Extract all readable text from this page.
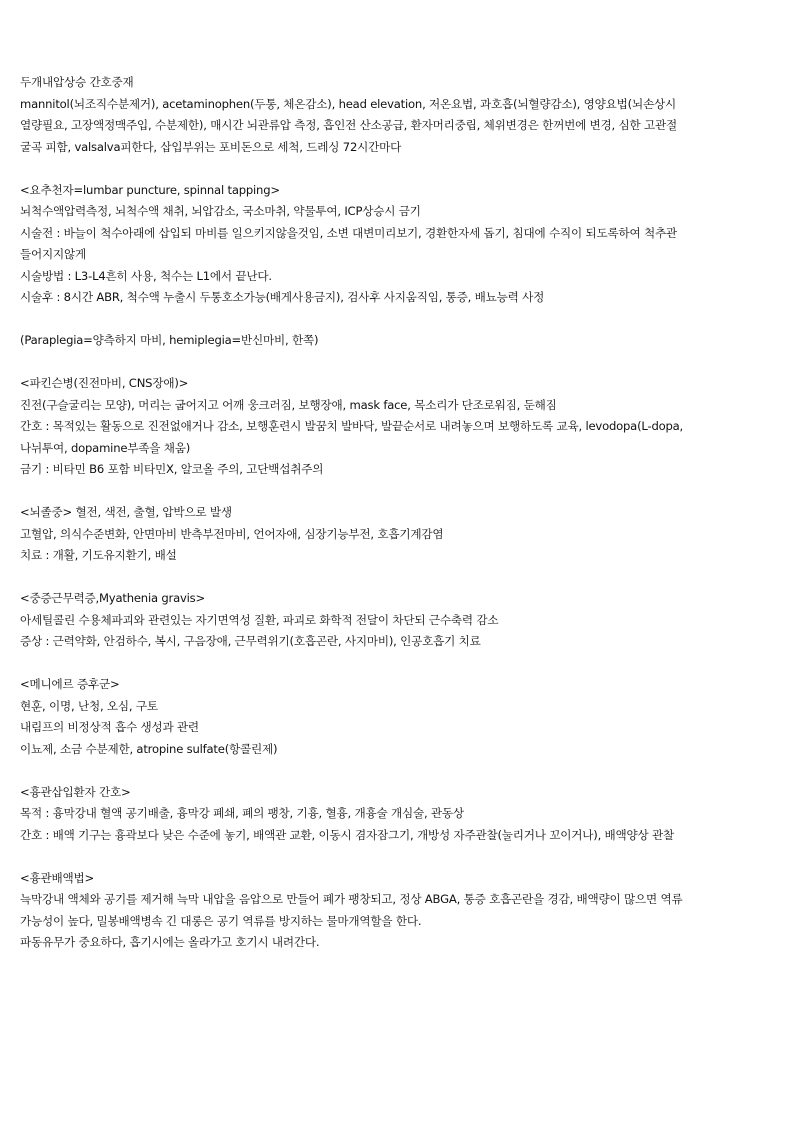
두개내압상승 간호중재
mannitol(뇌조직수분제거), acetaminophen(두통, 체온감소), head elevation, 저온요법, 과호흡(뇌혈량감소), 영양요법(뇌손상시 열량필요, 고장액정맥주입, 수분제한), 매시간 뇌관류압 측정, 흡인전 산소공급, 환자머리중립, 체위변경은 한꺼번에 변경, 심한 고관절굴곡 피함, valsalva피한다, 삽입부위는 포비돈으로 세척, 드레싱 72시간마다
<요추천자=lumbar puncture, spinnal tapping>
뇌척수액압력측정, 뇌척수액 채취, 뇌압감소, 국소마취, 약물투여, ICP상승시 금기
시술전 : 바늘이 척수아래에 삽입되 마비를 일으키지않을것임, 소변 대변미리보기, 경환한자세 돕기, 침대에 수직이 되도록하여 척추관들어지지않게
시술방법 : L3-L4흔히 사용, 척수는 L1에서 끝난다.
시술후 : 8시간 ABR, 척수액 누출시 두통호소가능(배게사용금지), 검사후 사지움직임, 통증, 배뇨능력 사정
(Paraplegia=양측하지 마비, hemiplegia=반신마비, 한쪽)
<파킨슨병(진전마비, CNS장애)>
진전(구슬굴리는 모양), 머리는 굽어지고 어깨 웅크러짐, 보행장애, mask face, 목소리가 단조로워짐, 둔해짐
간호 : 목적있는 활동으로 진전없애거나 감소, 보행훈련시 발꿈치 발바닥, 발끝순서로 내려놓으며 보행하도록 교육, levodopa(L-dopa,나뉘투여, dopamine부족을 채움)
금기 : 비타민 B6 포함 비타민X, 알코올 주의, 고단백섭취주의
<뇌졸중> 혈전, 색전, 출혈, 압박으로 발생
고혈압, 의식수준변화, 안면마비 반측부전마비, 언어자애, 심장기능부전, 호흡기계감염
치료 : 개활, 기도유지환기, 배설
<중증근무력증,Myathenia gravis>
아세틸콜린 수용체파괴와 관련있는 자기면역성 질환, 파괴로 화학적 전달이 차단되 근수축력 감소
증상 : 근력약화, 안검하수, 복시, 구음장애, 근무력위기(호흡곤란, 사지마비), 인공호흡기 치료
<메니에르 증후군>
현훈, 이명, 난청, 오심, 구토
내림프의 비정상적 흡수 생성과 관련
이뇨제, 소금 수분제한, atropine sulfate(항콜린제)
<흉관삽입환자 간호>
목적 : 흉막강내 혈액 공기배출, 흉막강 폐쇄, 폐의 팽창, 기흉, 혈흉, 개흉술 개심술, 관동상
간호 : 배액 기구는 흉곽보다 낮은 수준에 놓기, 배액관 교환, 이동시 겸자잠그기, 개방성 자주관찰(눌리거나 꼬이거나), 배액양상 관찰
<흉관배액법>
늑막강내 액체와 공기를 제거해 늑막 내압을 음압으로 만들어 폐가 팽창되고, 정상 ABGA, 통증 호흡곤란을 경감, 배액량이 많으면 역류가능성이 높다, 밀봉배액병속 긴 대롱은 공기 역류를 방지하는 물마개역할을 한다.
파동유무가 중요하다, 흡기시에는 올라가고 호기시 내려간다.
